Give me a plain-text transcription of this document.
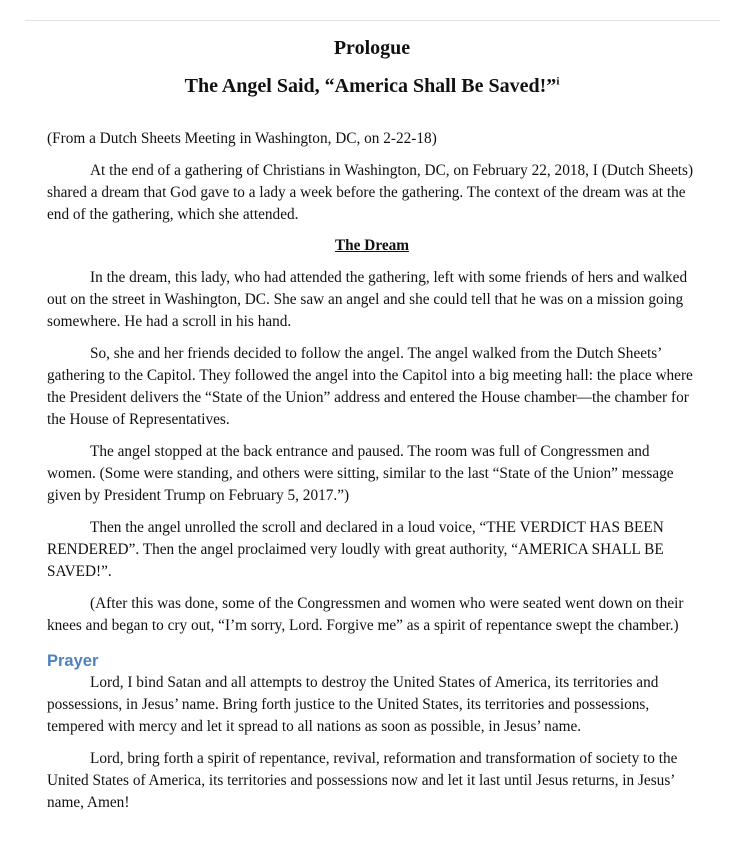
Prologue
The Angel Said, “America Shall Be Saved!”$^i$

(From a Dutch Sheets Meeting in Washington, DC, on 2-22-18)

At the end of a gathering of Christians in Washington, DC, on February 22, 2018, I (Dutch Sheets) shared a dream that God gave to a lady a week before the gathering. The context of the dream was at the end of the gathering, which she attended.

The Dream

In the dream, this lady, who had attended the gathering, left with some friends of hers and walked out on the street in Washington, DC. She saw an angel and she could tell that he was on a mission going somewhere. He had a scroll in his hand.

So, she and her friends decided to follow the angel. The angel walked from the Dutch Sheets’ gathering to the Capitol. They followed the angel into the Capitol into a big meeting hall: the place where the President delivers the “State of the Union” address and entered the House chamber—the chamber for the House of Representatives.

The angel stopped at the back entrance and paused. The room was full of Congressmen and women. (Some were standing, and others were sitting, similar to the last “State of the Union” message given by President Trump on February 5, 2017.”)

Then the angel unrolled the scroll and declared in a loud voice, “THE VERDICT HAS BEEN RENDERED”. Then the angel proclaimed very loudly with great authority, “AMERICA SHALL BE SAVED!”.

(After this was done, some of the Congressmen and women who were seated went down on their knees and began to cry out, “I’m sorry, Lord. Forgive me” as a spirit of repentance swept the chamber.)

Prayer

Lord, I bind Satan and all attempts to destroy the United States of America, its territories and possessions, in Jesus’ name. Bring forth justice to the United States, its territories and possessions, tempered with mercy and let it spread to all nations as soon as possible, in Jesus’ name.

Lord, bring forth a spirit of repentance, revival, reformation and transformation of society to the United States of America, its territories and possessions now and let it last until Jesus returns, in Jesus’ name, Amen!
